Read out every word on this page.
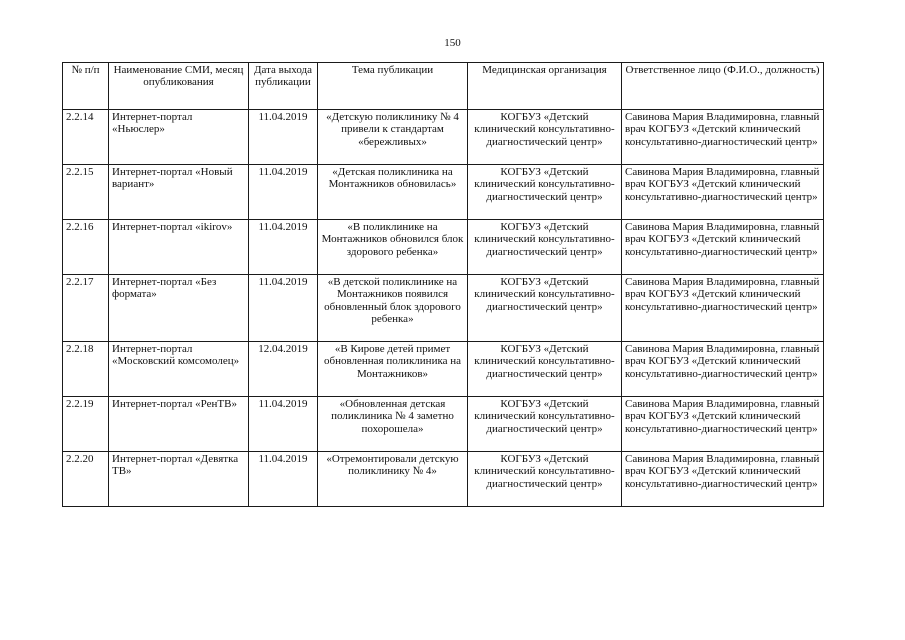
150
№ п/п	Наименование СМИ, месяц опубликования	Дата выхода публикации	Тема публикации	Медицинская организация	Ответственное лицо (Ф.И.О., должность)
2.2.14	Интернет-портал «Ньюслер»	11.04.2019	«Детскую поликлинику № 4 привели к стандартам «бережливых»	КОГБУЗ «Детский клинический консультативно-диагностический центр»	Савинова Мария Владимировна, главный врач КОГБУЗ «Детский клинический консультативно-диагностический центр»
2.2.15	Интернет-портал «Новый вариант»	11.04.2019	«Детская поликлиника на Монтажников обновилась»	КОГБУЗ «Детский клинический консультативно-диагностический центр»	Савинова Мария Владимировна, главный врач КОГБУЗ «Детский клинический консультативно-диагностический центр»
2.2.16	Интернет-портал «ikirov»	11.04.2019	«В поликлинике на Монтажников обновился блок здорового ребенка»	КОГБУЗ «Детский клинический консультативно-диагностический центр»	Савинова Мария Владимировна, главный врач КОГБУЗ «Детский клинический консультативно-диагностический центр»
2.2.17	Интернет-портал «Без формата»	11.04.2019	«В детской поликлинике на Монтажников появился обновленный блок здорового ребенка»	КОГБУЗ «Детский клинический консультативно-диагностический центр»	Савинова Мария Владимировна, главный врач КОГБУЗ «Детский клинический консультативно-диагностический центр»
2.2.18	Интернет-портал «Московский комсомолец»	12.04.2019	«В Кирове детей примет обновленная поликлиника на Монтажников»	КОГБУЗ «Детский клинический консультативно-диагностический центр»	Савинова Мария Владимировна, главный врач КОГБУЗ «Детский клинический консультативно-диагностический центр»
2.2.19	Интернет-портал «РенТВ»	11.04.2019	«Обновленная детская поликлиника № 4 заметно похорошела»	КОГБУЗ «Детский клинический консультативно-диагностический центр»	Савинова Мария Владимировна, главный врач КОГБУЗ «Детский клинический консультативно-диагностический центр»
2.2.20	Интернет-портал «Девятка ТВ»	11.04.2019	«Отремонтировали детскую поликлинику № 4»	КОГБУЗ «Детский клинический консультативно-диагностический центр»	Савинова Мария Владимировна, главный врач КОГБУЗ «Детский клинический консультативно-диагностический центр»
